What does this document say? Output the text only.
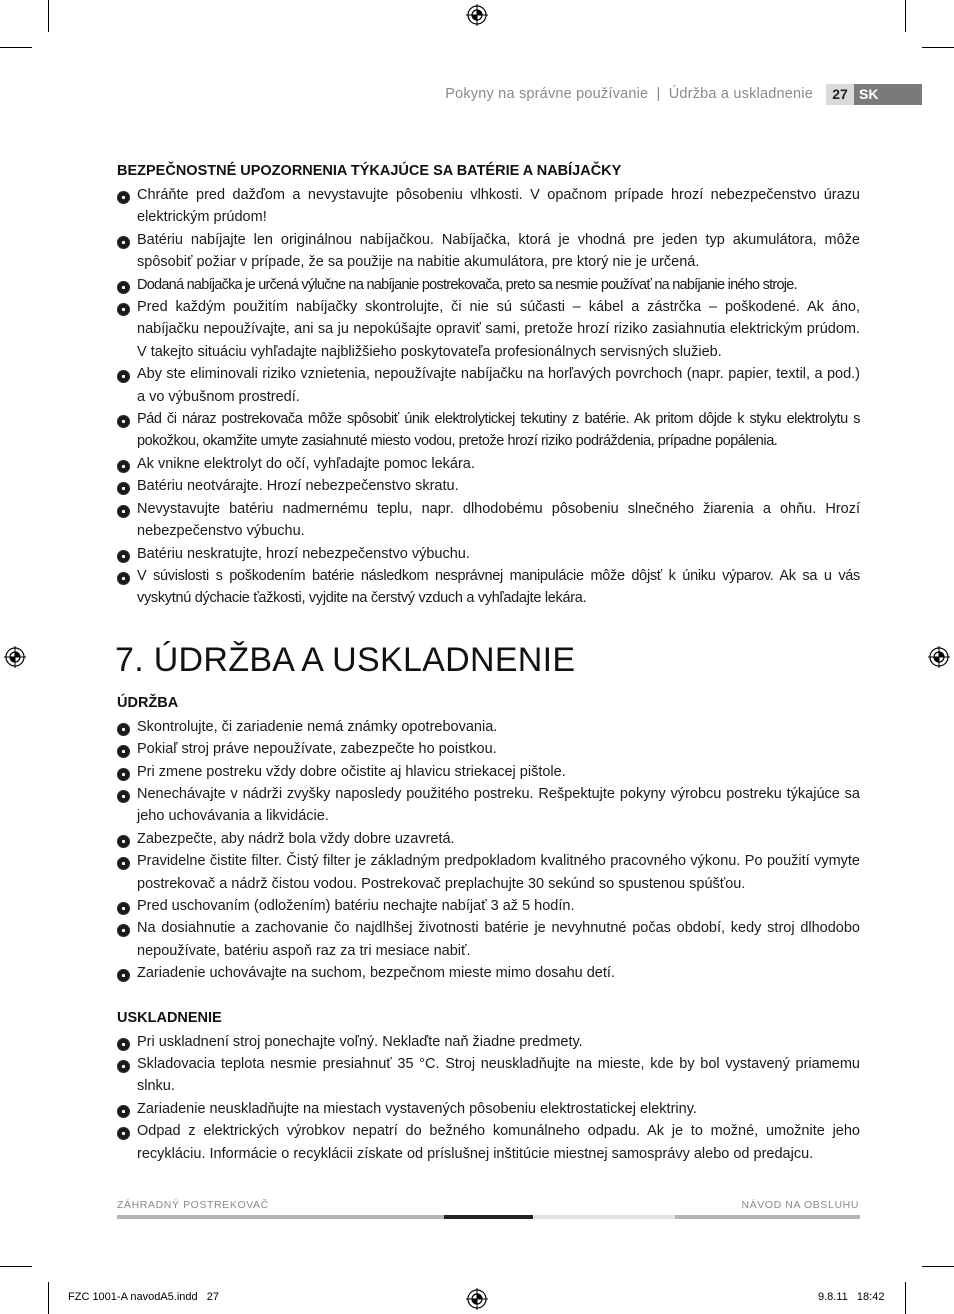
Pokyny na správne používanie | Údržba a uskladnenie	27 SK
BEZPEČNOSTNÉ UPOZORNENIA TÝKAJÚCE SA BATÉRIE A NABÍJAČKY
Chráňte pred dažďom a nevystavujte pôsobeniu vlhkosti. V opačnom prípade hrozí nebezpečenstvo úrazu elektrickým prúdom!
Batériu nabíjajte len originálnou nabíjačkou. Nabíjačka, ktorá je vhodná pre jeden typ akumulátora, môže spôsobiť požiar v prípade, že sa použije na nabitie akumulátora, pre ktorý nie je určená.
Dodaná nabíjačka je určená výlučne na nabíjanie postrekovača, preto sa nesmie používať na nabíjanie iného stroje.
Pred každým použitím nabíjačky skontrolujte, či nie sú súčasti – kábel a zástrčka – poškodené. Ak áno, nabíjačku nepoužívajte, ani sa ju nepokúšajte opraviť sami, pretože hrozí riziko zasiahnutia elektrickým prúdom. V takejto situáciu vyhľadajte najbližšieho poskytovateľa profesionálnych servisných služieb.
Aby ste eliminovali riziko vznietenia, nepoužívajte nabíjačku na horľavých povrchoch (napr. papier, textil, a pod.) a vo výbušnom prostredí.
Pád či náraz postrekovača môže spôsobiť únik elektrolytickej tekutiny z batérie. Ak pritom dôjde k styku elektrolytu s pokožkou, okamžite umyte zasiahnuté miesto vodou, pretože hrozí riziko podráždenia, prípadne popálenia.
Ak vnikne elektrolyt do očí, vyhľadajte pomoc lekára.
Batériu neotvárajte. Hrozí nebezpečenstvo skratu.
Nevystavujte batériu nadmernému teplu, napr. dlhodobému pôsobeniu slnečného žiarenia a ohňu. Hrozí nebezpečenstvo výbuchu.
Batériu neskratujte, hrozí nebezpečenstvo výbuchu.
V súvislosti s poškodením batérie následkom nesprávnej manipulácie môže dôjsť k úniku výparov. Ak sa u vás vyskytnú dýchacie ťažkosti, vyjdite na čerstvý vzduch a vyhľadajte lekára.
7. ÚDRŽBA A USKLADNENIE
ÚDRŽBA
Skontrolujte, či zariadenie nemá známky opotrebovania.
Pokiaľ stroj práve nepoužívate, zabezpečte ho poistkou.
Pri zmene postreku vždy dobre očistite aj hlavicu striekacej pištole.
Nenechávajte v nádrži zvyšky naposledy použitého postreku. Rešpektujte pokyny výrobcu postreku týkajúce sa jeho uchovávania a likvidácie.
Zabezpečte, aby nádrž bola vždy dobre uzavretá.
Pravidelne čistite filter. Čistý filter je základným predpokladom kvalitného pracovného výkonu. Po použití vymyte postrekovač a nádrž čistou vodou. Postrekovač preplachujte 30 sekúnd so spustenou spúšťou.
Pred uschovaním (odložením) batériu nechajte nabíjať 3 až 5 hodín.
Na dosiahnutie a zachovanie čo najdlhšej životnosti batérie je nevyhnutné počas období, kedy stroj dlhodobo nepoužívate, batériu aspoň raz za tri mesiace nabiť.
Zariadenie uchovávajte na suchom, bezpečnom mieste mimo dosahu detí.
USKLADNENIE
Pri uskladnení stroj ponechajte voľný. Neklaďte naň žiadne predmety.
Skladovacia teplota nesmie presiahnuť 35 °C. Stroj neuskladňujte na mieste, kde by bol vystavený priamemu slnku.
Zariadenie neuskladňujte na miestach vystavených pôsobeniu elektrostatickej elektriny.
Odpad z elektrických výrobkov nepatrí do bežného komunálneho odpadu. Ak je to možné, umožnite jeho recykláciu. Informácie o recyklácii získate od príslušnej inštitúcie miestnej samosprávy alebo od predajcu.
ZÁHRADNÝ POSTREKOVAČ	NÁVOD NA OBSLUHU
FZC 1001-A navodA5.indd   27	9.8.11   18:42
